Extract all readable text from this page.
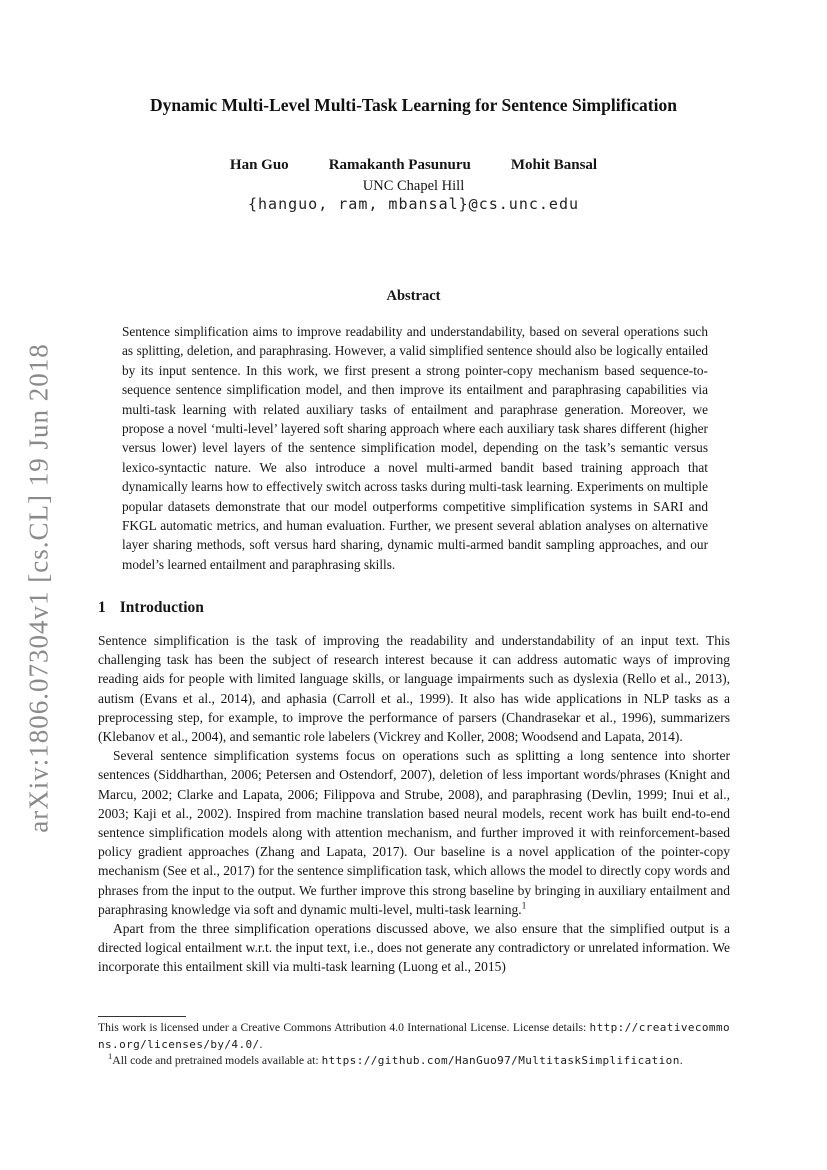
arXiv:1806.07304v1 [cs.CL] 19 Jun 2018
Dynamic Multi-Level Multi-Task Learning for Sentence Simplification
Han Guo	Ramakanth Pasunuru	Mohit Bansal
UNC Chapel Hill
{hanguo, ram, mbansal}@cs.unc.edu
Abstract
Sentence simplification aims to improve readability and understandability, based on several operations such as splitting, deletion, and paraphrasing. However, a valid simplified sentence should also be logically entailed by its input sentence. In this work, we first present a strong pointer-copy mechanism based sequence-to-sequence sentence simplification model, and then improve its entailment and paraphrasing capabilities via multi-task learning with related auxiliary tasks of entailment and paraphrase generation. Moreover, we propose a novel ‘multi-level’ layered soft sharing approach where each auxiliary task shares different (higher versus lower) level layers of the sentence simplification model, depending on the task’s semantic versus lexico-syntactic nature. We also introduce a novel multi-armed bandit based training approach that dynamically learns how to effectively switch across tasks during multi-task learning. Experiments on multiple popular datasets demonstrate that our model outperforms competitive simplification systems in SARI and FKGL automatic metrics, and human evaluation. Further, we present several ablation analyses on alternative layer sharing methods, soft versus hard sharing, dynamic multi-armed bandit sampling approaches, and our model’s learned entailment and paraphrasing skills.
1 Introduction

Sentence simplification is the task of improving the readability and understandability of an input text. This challenging task has been the subject of research interest because it can address automatic ways of improving reading aids for people with limited language skills, or language impairments such as dyslexia (Rello et al., 2013), autism (Evans et al., 2014), and aphasia (Carroll et al., 1999). It also has wide applications in NLP tasks as a preprocessing step, for example, to improve the performance of parsers (Chandrasekar et al., 1996), summarizers (Klebanov et al., 2004), and semantic role labelers (Vickrey and Koller, 2008; Woodsend and Lapata, 2014).

Several sentence simplification systems focus on operations such as splitting a long sentence into shorter sentences (Siddharthan, 2006; Petersen and Ostendorf, 2007), deletion of less important words/phrases (Knight and Marcu, 2002; Clarke and Lapata, 2006; Filippova and Strube, 2008), and paraphrasing (Devlin, 1999; Inui et al., 2003; Kaji et al., 2002). Inspired from machine translation based neural models, recent work has built end-to-end sentence simplification models along with attention mechanism, and further improved it with reinforcement-based policy gradient approaches (Zhang and Lapata, 2017). Our baseline is a novel application of the pointer-copy mechanism (See et al., 2017) for the sentence simplification task, which allows the model to directly copy words and phrases from the input to the output. We further improve this strong baseline by bringing in auxiliary entailment and paraphrasing knowledge via soft and dynamic multi-level, multi-task learning.$^1$

Apart from the three simplification operations discussed above, we also ensure that the simplified output is a directed logical entailment w.r.t. the input text, i.e., does not generate any contradictory or unrelated information. We incorporate this entailment skill via multi-task learning (Luong et al., 2015)

This work is licensed under a Creative Commons Attribution 4.0 International License. License details: http://creativecommons.org/licenses/by/4.0/.

$^1$All code and pretrained models available at: https://github.com/HanGuo97/MultitaskSimplification.
